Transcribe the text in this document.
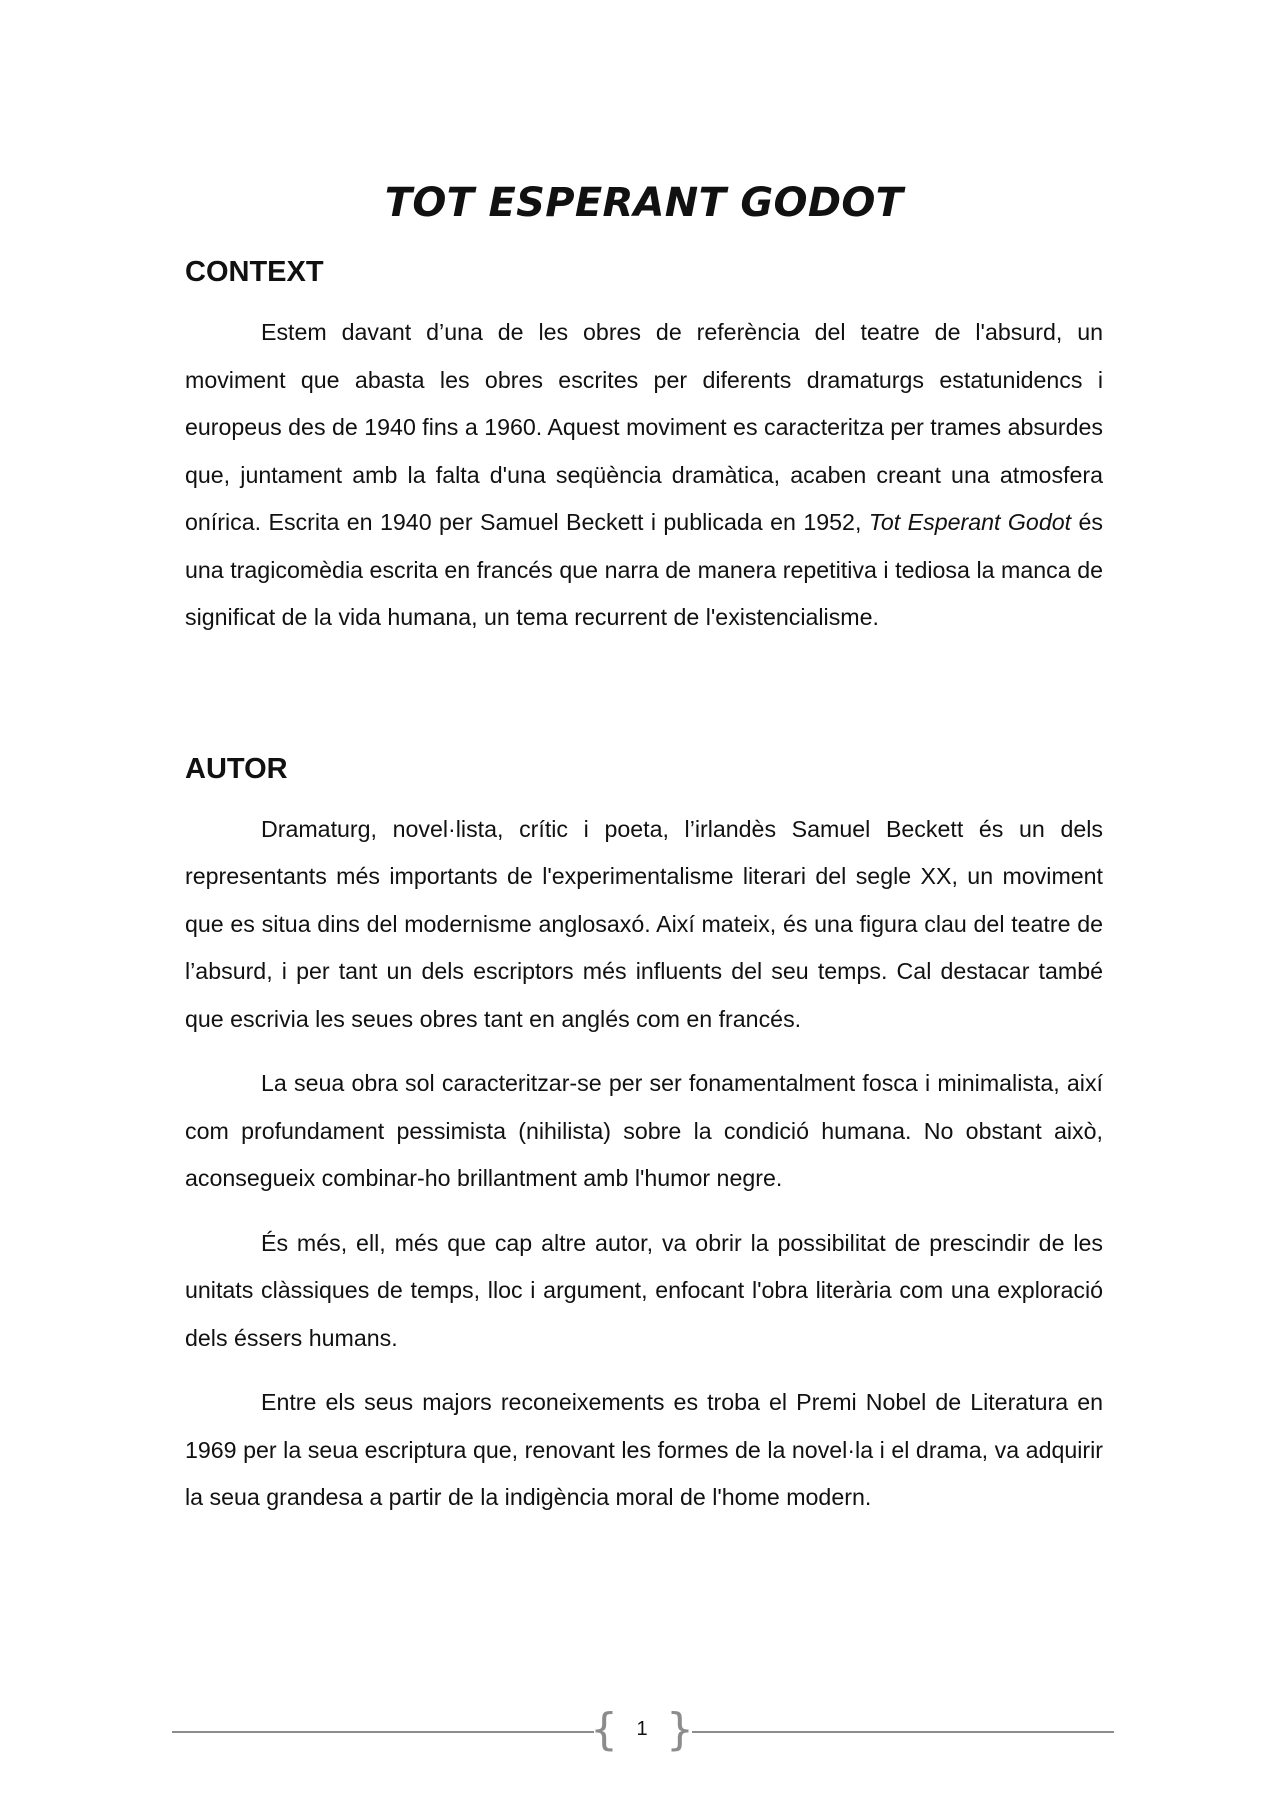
TOT ESPERANT GODOT
CONTEXT

Estem davant d’una de les obres de referència del teatre de l'absurd, un moviment que abasta les obres escrites per diferents dramaturgs estatunidencs i europeus des de 1940 fins a 1960. Aquest moviment es caracteritza per trames absurdes que, juntament amb la falta d'una seqüència dramàtica, acaben creant una atmosfera onírica. Escrita en 1940 per Samuel Beckett i publicada en 1952, Tot Esperant Godot és una tragicomèdia escrita en francés que narra de manera repetitiva i tediosa la manca de significat de la vida humana, un tema recurrent de l'existencialisme.

AUTOR

Dramaturg, novel·lista, crític i poeta, l’irlandès Samuel Beckett és un dels representants més importants de l'experimentalisme literari del segle XX, un moviment que es situa dins del modernisme anglosaxó. Així mateix, és una figura clau del teatre de l’absurd, i per tant un dels escriptors més influents del seu temps. Cal destacar també que escrivia les seues obres tant en anglés com en francés.

La seua obra sol caracteritzar-se per ser fonamentalment fosca i minimalista, així com profundament pessimista (nihilista) sobre la condició humana. No obstant això, aconsegueix combinar-ho brillantment amb l'humor negre.

És més, ell, més que cap altre autor, va obrir la possibilitat de prescindir de les unitats clàssiques de temps, lloc i argument, enfocant l'obra literària com una exploració dels éssers humans.

Entre els seus majors reconeixements es troba el Premi Nobel de Literatura en 1969 per la seua escriptura que, renovant les formes de la novel·la i el drama, va adquirir la seua grandesa a partir de la indigència moral de l'home modern.

{ 1 }
